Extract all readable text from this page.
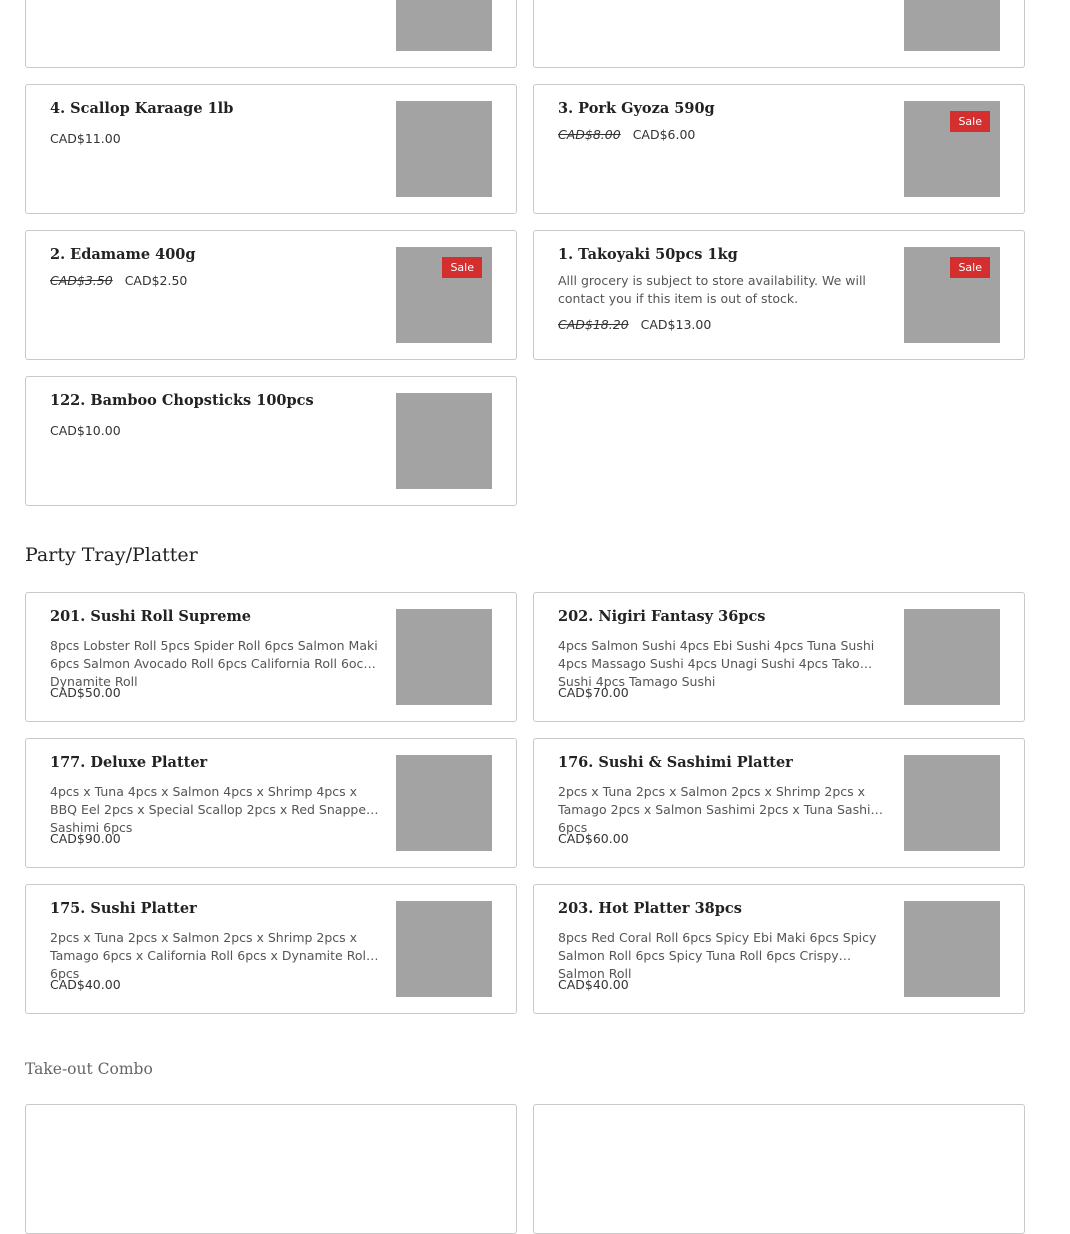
4. Scallop Karaage 1lb
CAD$11.00
3. Pork Gyoza 590g
CAD$8.00 CAD$6.00
Sale
2. Edamame 400g
CAD$3.50 CAD$2.50
Sale
1. Takoyaki 50pcs 1kg
Alll grocery is subject to store availability. We will contact you if this item is out of stock.
CAD$18.20 CAD$13.00
Sale
122. Bamboo Chopsticks 100pcs
CAD$10.00
Party Tray/Platter
201. Sushi Roll Supreme
8pcs Lobster Roll 5pcs Spider Roll 6pcs Salmon Maki 6pcs Salmon Avocado Roll 6pcs California Roll 6ocs Dynamite Roll
CAD$50.00
202. Nigiri Fantasy 36pcs
4pcs Salmon Sushi 4pcs Ebi Sushi 4pcs Tuna Sushi 4pcs Massago Sushi 4pcs Unagi Sushi 4pcs Tako Sushi 4pcs Tamago Sushi
CAD$70.00
177. Deluxe Platter
4pcs x Tuna 4pcs x Salmon 4pcs x Shrimp 4pcs x BBQ Eel 2pcs x Special Scallop 2pcs x Red Snapper Sashimi 6pcs
CAD$90.00
176. Sushi & Sashimi Platter
2pcs x Tuna 2pcs x Salmon 2pcs x Shrimp 2pcs x Tamago 2pcs x Salmon Sashimi 2pcs x Tuna Sashimi 6pcs
CAD$60.00
175. Sushi Platter
2pcs x Tuna 2pcs x Salmon 2pcs x Shrimp 2pcs x Tamago 6pcs x California Roll 6pcs x Dynamite Roll 6pcs
CAD$40.00
203. Hot Platter 38pcs
8pcs Red Coral Roll 6pcs Spicy Ebi Maki 6pcs Spicy Salmon Roll 6pcs Spicy Tuna Roll 6pcs Crispy Salmon Roll
CAD$40.00
Take-out Combo
